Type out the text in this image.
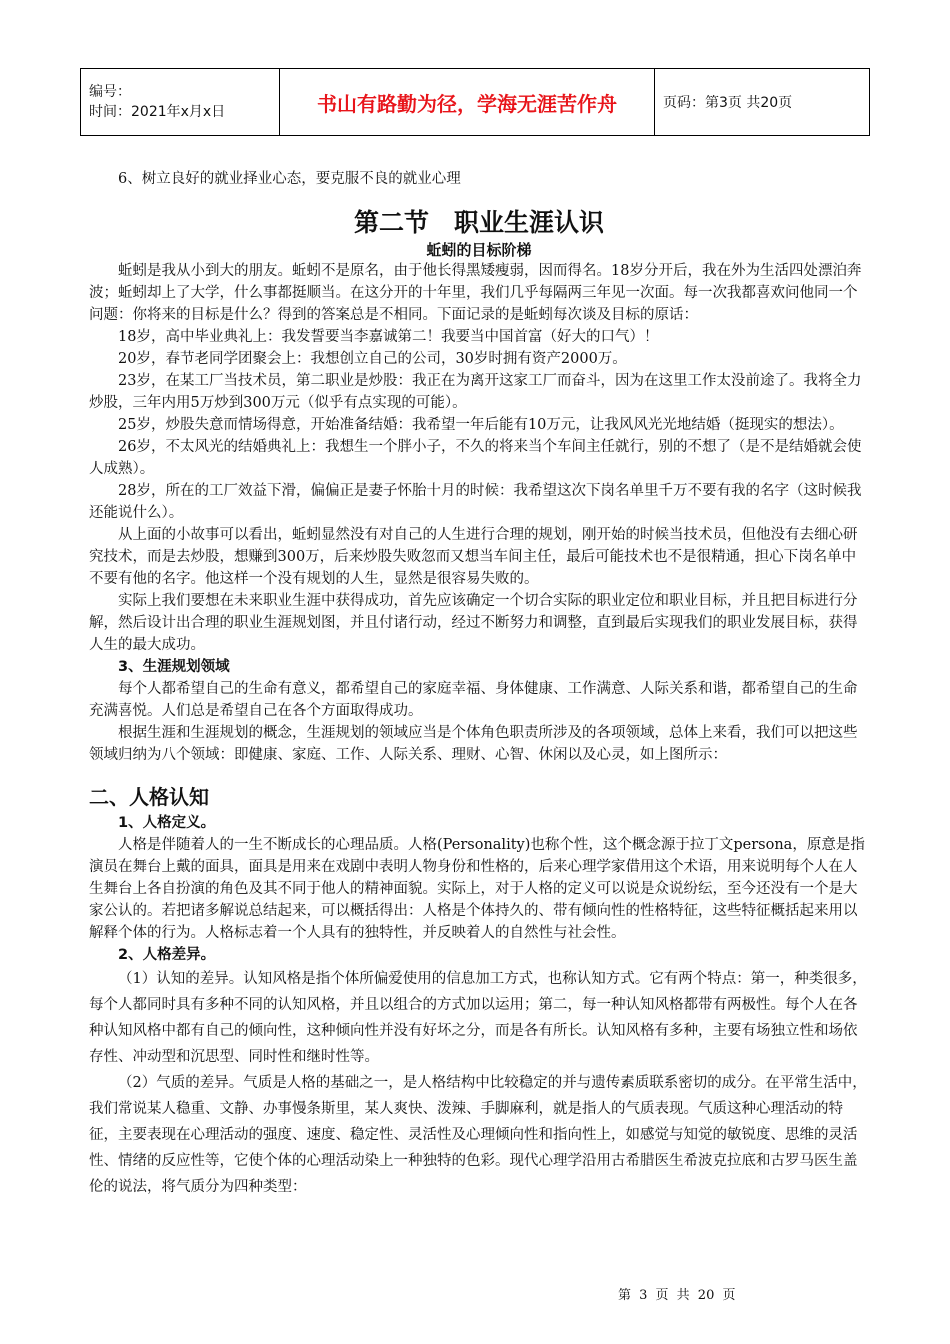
编号：
时间：2021年x月x日	书山有路勤为径，学海无涯苦作舟	页码：第3页 共20页

6、树立良好的就业择业心态，要克服不良的就业心理

第二节　职业生涯认识

蚯蚓的目标阶梯

蚯蚓是我从小到大的朋友。蚯蚓不是原名，由于他长得黑矮瘦弱，因而得名。18岁分开后，我在外为生活四处漂泊奔波；蚯蚓却上了大学，什么事都挺顺当。在这分开的十年里，我们几乎每隔两三年见一次面。每一次我都喜欢问他同一个问题：你将来的目标是什么？得到的答案总是不相同。下面记录的是蚯蚓每次谈及目标的原话：

18岁，高中毕业典礼上：我发誓要当李嘉诚第二！我要当中国首富（好大的口气）！

20岁，春节老同学团聚会上：我想创立自己的公司，30岁时拥有资产2000万。

23岁，在某工厂当技术员，第二职业是炒股：我正在为离开这家工厂而奋斗，因为在这里工作太没前途了。我将全力炒股，三年内用5万炒到300万元（似乎有点实现的可能）。

25岁，炒股失意而情场得意，开始准备结婚：我希望一年后能有10万元，让我风风光光地结婚（挺现实的想法）。

26岁，不太风光的结婚典礼上：我想生一个胖小子，不久的将来当个车间主任就行，别的不想了（是不是结婚就会使人成熟）。

28岁，所在的工厂效益下滑，偏偏正是妻子怀胎十月的时候：我希望这次下岗名单里千万不要有我的名字（这时候我还能说什么）。

从上面的小故事可以看出，蚯蚓显然没有对自己的人生进行合理的规划，刚开始的时候当技术员，但他没有去细心研究技术，而是去炒股，想赚到300万，后来炒股失败忽而又想当车间主任，最后可能技术也不是很精通，担心下岗名单中不要有他的名字。他这样一个没有规划的人生，显然是很容易失败的。

实际上我们要想在未来职业生涯中获得成功，首先应该确定一个切合实际的职业定位和职业目标，并且把目标进行分解，然后设计出合理的职业生涯规划图，并且付诸行动，经过不断努力和调整，直到最后实现我们的职业发展目标，获得人生的最大成功。

3、生涯规划领域

每个人都希望自己的生命有意义，都希望自己的家庭幸福、身体健康、工作满意、人际关系和谐，都希望自己的生命充满喜悦。人们总是希望自己在各个方面取得成功。

根据生涯和生涯规划的概念，生涯规划的领域应当是个体角色职责所涉及的各项领域，总体上来看，我们可以把这些领域归纳为八个领域：即健康、家庭、工作、人际关系、理财、心智、休闲以及心灵，如上图所示：

二、人格认知

1、人格定义。

人格是伴随着人的一生不断成长的心理品质。人格(Personality)也称个性，这个概念源于拉丁文persona，原意是指演员在舞台上戴的面具，面具是用来在戏剧中表明人物身份和性格的，后来心理学家借用这个术语，用来说明每个人在人生舞台上各自扮演的角色及其不同于他人的精神面貌。实际上，对于人格的定义可以说是众说纷纭，至今还没有一个是大家公认的。若把诸多解说总结起来，可以概括得出：人格是个体持久的、带有倾向性的性格特征，这些特征概括起来用以解释个体的行为。人格标志着一个人具有的独特性，并反映着人的自然性与社会性。

2、人格差异。

（1）认知的差异。认知风格是指个体所偏爱使用的信息加工方式，也称认知方式。它有两个特点：第一，种类很多，每个人都同时具有多种不同的认知风格，并且以组合的方式加以运用；第二，每一种认知风格都带有两极性。每个人在各种认知风格中都有自己的倾向性，这种倾向性并没有好坏之分，而是各有所长。认知风格有多种，主要有场独立性和场依存性、冲动型和沉思型、同时性和继时性等。

（2）气质的差异。气质是人格的基础之一，是人格结构中比较稳定的并与遗传素质联系密切的成分。在平常生活中，我们常说某人稳重、文静、办事慢条斯里，某人爽快、泼辣、手脚麻利，就是指人的气质表现。气质这种心理活动的特征，主要表现在心理活动的强度、速度、稳定性、灵活性及心理倾向性和指向性上，如感觉与知觉的敏锐度、思维的灵活性、情绪的反应性等，它使个体的心理活动染上一种独特的色彩。现代心理学沿用古希腊医生希波克拉底和古罗马医生盖伦的说法，将气质分为四种类型：

第 3 页 共 20 页
